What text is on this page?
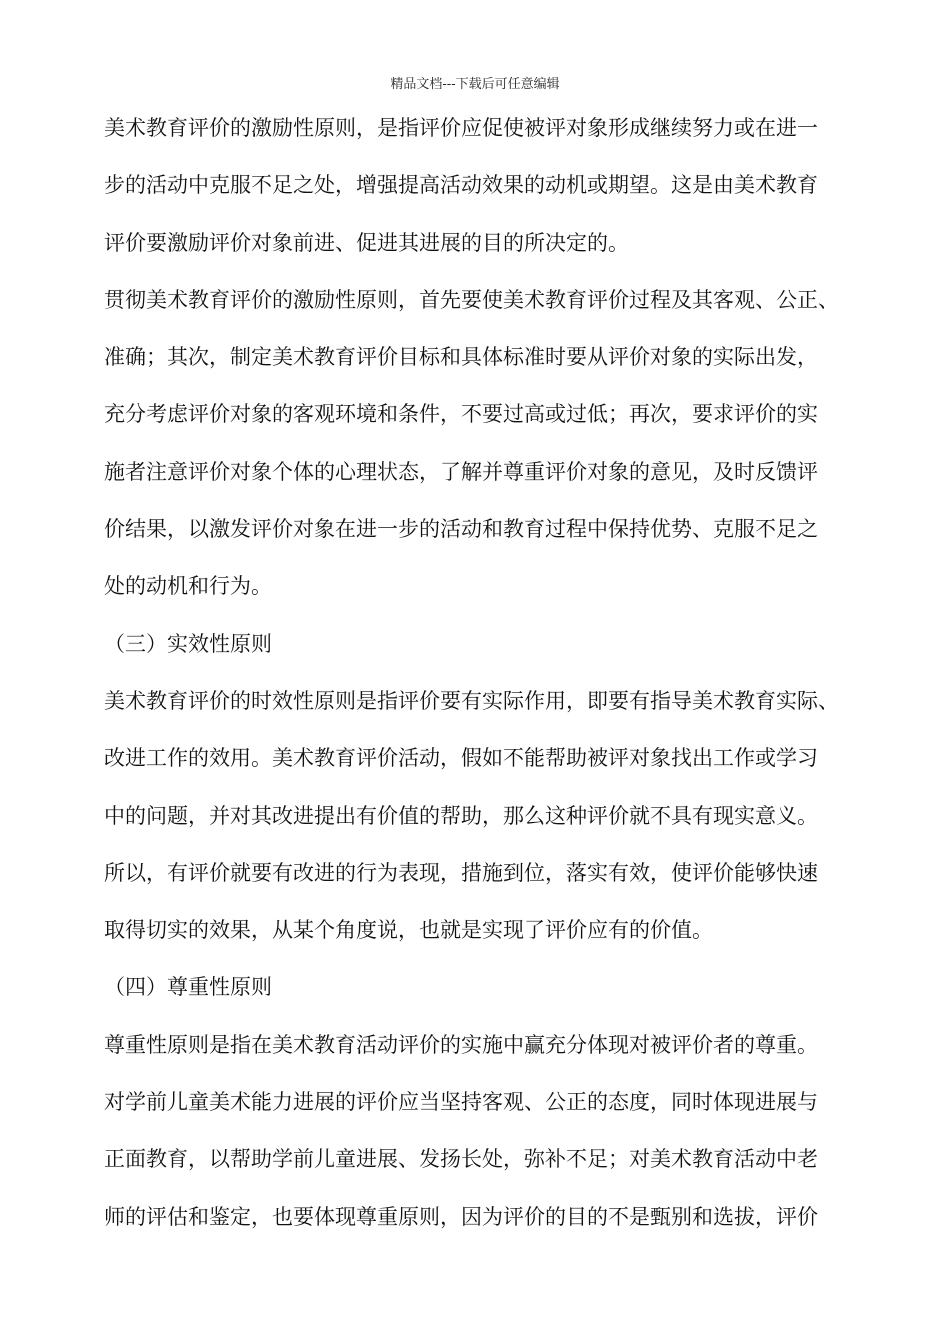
精品文档---下载后可任意编辑
美术教育评价的激励性原则，是指评价应促使被评对象形成继续努力或在进一
步的活动中克服不足之处，增强提高活动效果的动机或期望。这是由美术教育
评价要激励评价对象前进、促进其进展的目的所决定的。
贯彻美术教育评价的激励性原则，首先要使美术教育评价过程及其客观、公正、
准确；其次，制定美术教育评价目标和具体标准时要从评价对象的实际出发，
充分考虑评价对象的客观环境和条件，不要过高或过低；再次，要求评价的实
施者注意评价对象个体的心理状态，了解并尊重评价对象的意见，及时反馈评
价结果，以激发评价对象在进一步的活动和教育过程中保持优势、克服不足之
处的动机和行为。
（三）实效性原则
美术教育评价的时效性原则是指评价要有实际作用，即要有指导美术教育实际、
改进工作的效用。美术教育评价活动，假如不能帮助被评对象找出工作或学习
中的问题，并对其改进提出有价值的帮助，那么这种评价就不具有现实意义。
所以，有评价就要有改进的行为表现，措施到位，落实有效，使评价能够快速
取得切实的效果，从某个角度说，也就是实现了评价应有的价值。
（四）尊重性原则
尊重性原则是指在美术教育活动评价的实施中赢充分体现对被评价者的尊重。
对学前儿童美术能力进展的评价应当坚持客观、公正的态度，同时体现进展与
正面教育，以帮助学前儿童进展、发扬长处，弥补不足；对美术教育活动中老
师的评估和鉴定，也要体现尊重原则，因为评价的目的不是甄别和选拔，评价
